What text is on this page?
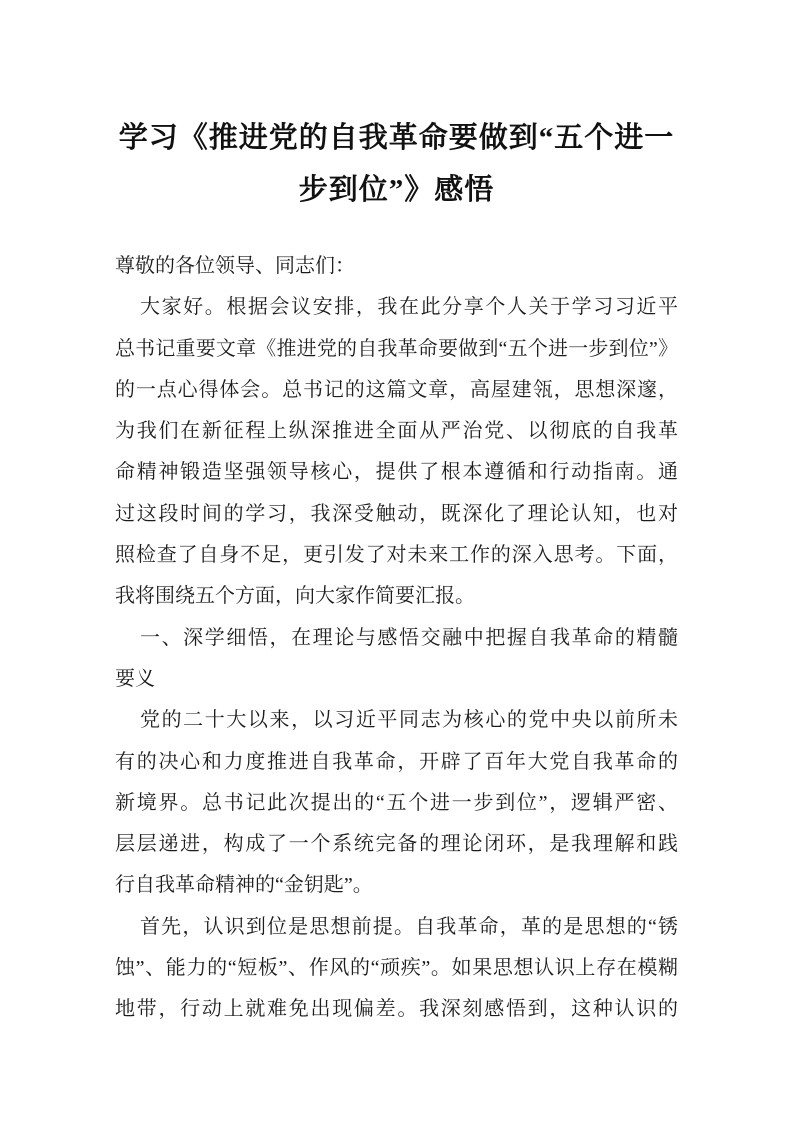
学习《推进党的自我革命要做到“五个进一
步到位”》感悟
尊敬的各位领导、同志们：
大家好。根据会议安排，我在此分享个人关于学习习近平
总书记重要文章《推进党的自我革命要做到“五个进一步到位”》
的一点心得体会。总书记的这篇文章，高屋建瓴，思想深邃，
为我们在新征程上纵深推进全面从严治党、以彻底的自我革
命精神锻造坚强领导核心，提供了根本遵循和行动指南。通
过这段时间的学习，我深受触动，既深化了理论认知，也对
照检查了自身不足，更引发了对未来工作的深入思考。下面，
我将围绕五个方面，向大家作简要汇报。
一、深学细悟，在理论与感悟交融中把握自我革命的精髓
要义
党的二十大以来，以习近平同志为核心的党中央以前所未
有的决心和力度推进自我革命，开辟了百年大党自我革命的
新境界。总书记此次提出的“五个进一步到位”，逻辑严密、
层层递进，构成了一个系统完备的理论闭环，是我理解和践
行自我革命精神的“金钥匙”。
首先，认识到位是思想前提。自我革命，革的是思想的“锈
蚀”、能力的“短板”、作风的“顽疾”。如果思想认识上存在模糊
地带，行动上就难免出现偏差。我深刻感悟到，这种认识的
